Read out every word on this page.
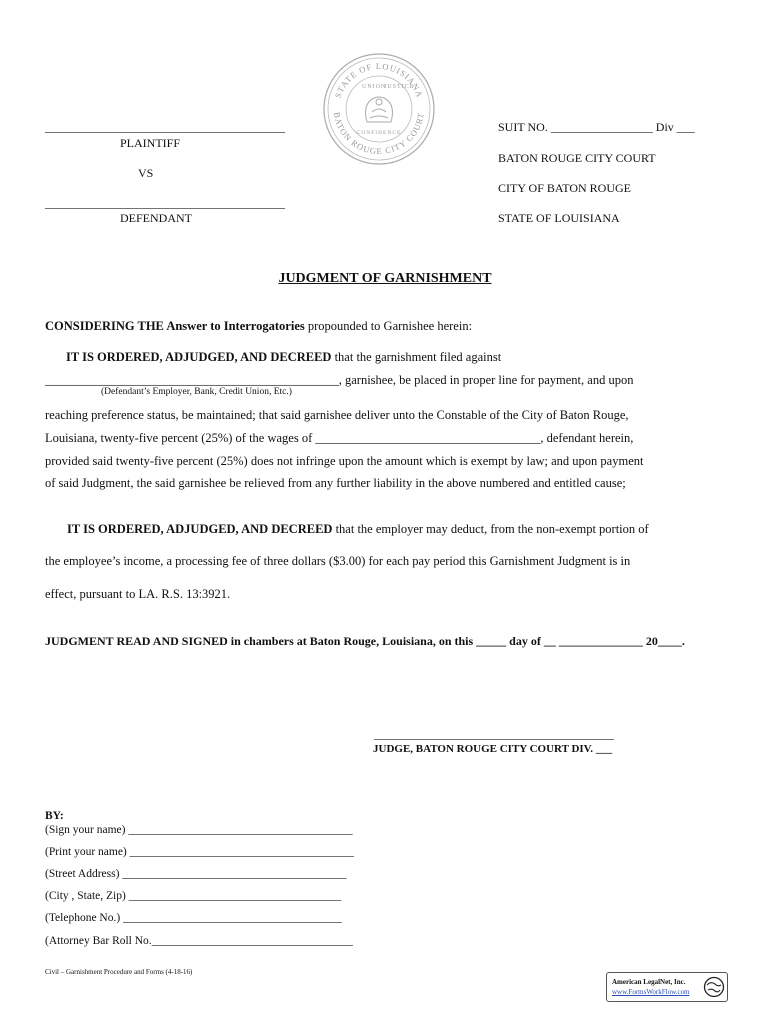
STATE OF LOUISIANA
BATON ROUGE CITY COURT
UNION
JUSTICE
CONFIDENCE
________________________________________
PLAINTIFF
VS
________________________________________
DEFENDANT
SUIT NO. _________________ Div ___
BATON ROUGE CITY COURT
CITY OF BATON ROUGE
STATE OF LOUISIANA
JUDGMENT OF GARNISHMENT
CONSIDERING THE Answer to Interrogatories propounded to Garnishee herein:
IT IS ORDERED, ADJUDGED, AND DECREED that the garnishment filed against
_______________________________________________, garnishee, be placed in proper line for payment, and upon
(Defendant’s Employer, Bank, Credit Union, Etc.)
reaching preference status, be maintained; that said garnishee deliver unto the Constable of the City of Baton Rouge,
Louisiana, twenty-five percent (25%) of the wages of ____________________________________, defendant herein,
provided said twenty-five percent (25%) does not infringe upon the amount which is exempt by law; and upon payment
of said Judgment, the said garnishee be relieved from any further liability in the above numbered and entitled cause;
IT IS ORDERED, ADJUDGED, AND DECREED that the employer may deduct, from the non-exempt portion of
the employee’s income, a processing fee of three dollars ($3.00) for each pay period this Garnishment Judgment is in
effect, pursuant to LA. R.S. 13:3921.
JUDGMENT READ AND SIGNED in chambers at Baton Rouge, Louisiana, on this _____ day of __ ______________ 20____.
________________________________________
JUDGE, BATON ROUGE CITY COURT DIV. ___
BY:
(Sign your name) _______________________________________
(Print your name) _______________________________________
(Street Address) _______________________________________
(City , State, Zip) _____________________________________
(Telephone No.) ______________________________________
(Attorney Bar Roll No.___________________________________
Civil – Garnishment Procedure and Forms (4-18-16)
American LegalNet, Inc.
www.FormsWorkFlow.com
